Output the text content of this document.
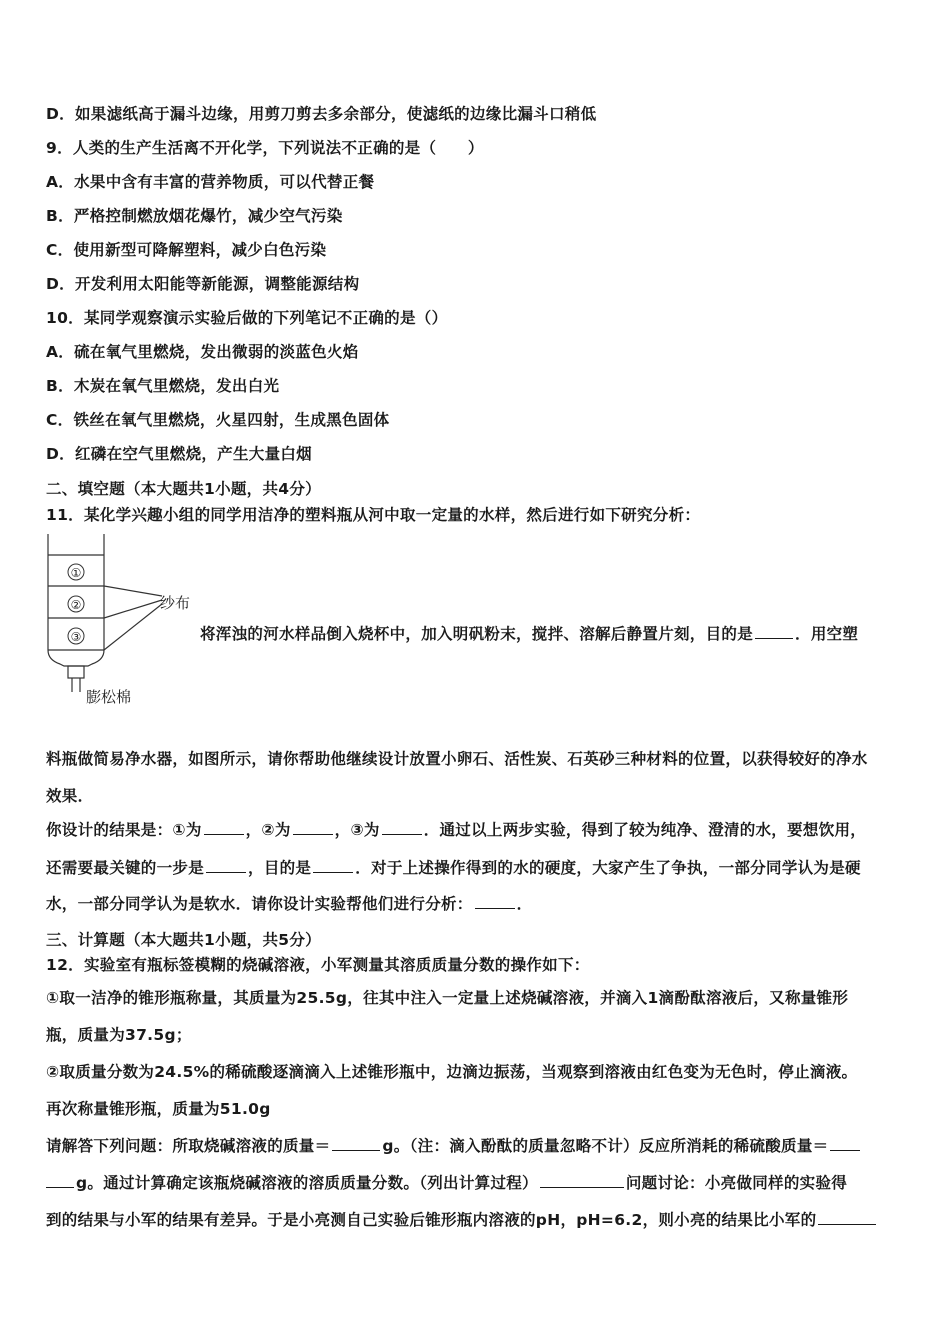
D．如果滤纸高于漏斗边缘，用剪刀剪去多余部分，使滤纸的边缘比漏斗口稍低
9．人类的生产生活离不开化学，下列说法不正确的是（　　）
A．水果中含有丰富的营养物质，可以代替正餐
B．严格控制燃放烟花爆竹，减少空气污染
C．使用新型可降解塑料，减少白色污染
D．开发利用太阳能等新能源，调整能源结构
10．某同学观察演示实验后做的下列笔记不正确的是（）
A．硫在氧气里燃烧，发出微弱的淡蓝色火焰
B．木炭在氧气里燃烧，发出白光
C．铁丝在氧气里燃烧，火星四射，生成黑色固体
D．红磷在空气里燃烧，产生大量白烟
二、填空题（本大题共1小题，共4分）
11．某化学兴趣小组的同学用洁净的塑料瓶从河中取一定量的水样，然后进行如下研究分析：
①
②
③
纱布
膨松棉
将浑浊的河水样品倒入烧杯中，加入明矾粉末，搅拌、溶解后静置片刻，目的是	．用空塑
料瓶做简易净水器，如图所示，请你帮助他继续设计放置小卵石、活性炭、石英砂三种材料的位置，以获得较好的净水
效果．
你设计的结果是：①为	，②为	，③为	．通过以上两步实验，得到了较为纯净、澄清的水，要想饮用，
还需要最关键的一步是	，目的是	．对于上述操作得到的水的硬度，大家产生了争执，一部分同学认为是硬
水，一部分同学认为是软水．请你设计实验帮他们进行分析：	．
三、计算题（本大题共1小题，共5分）
12．实验室有瓶标签模糊的烧碱溶液，小军测量其溶质质量分数的操作如下：
①取一洁净的锥形瓶称量，其质量为25.5g，往其中注入一定量上述烧碱溶液，并滴入1滴酚酞溶液后，又称量锥形
瓶，质量为37.5g；
②取质量分数为24.5%的稀硫酸逐滴滴入上述锥形瓶中，边滴边振荡，当观察到溶液由红色变为无色时，停止滴液。
再次称量锥形瓶，质量为51.0g
请解答下列问题：所取烧碱溶液的质量＝	g。（注：滴入酚酞的质量忽略不计）反应所消耗的稀硫酸质量＝
g。通过计算确定该瓶烧碱溶液的溶质质量分数。（列出计算过程）	问题讨论：小亮做同样的实验得
到的结果与小军的结果有差异。于是小亮测自己实验后锥形瓶内溶液的pH，pH=6.2，则小亮的结果比小军的
